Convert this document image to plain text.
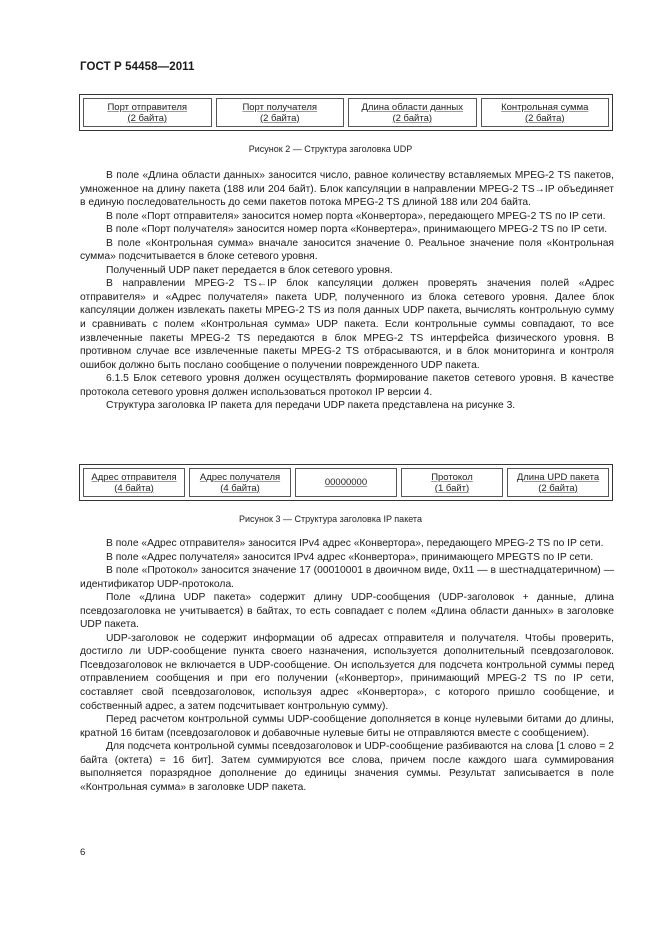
ГОСТ Р 54458—2011
Порт отправителя
(2 байта)
Порт получателя
(2 байта)
Длина области данных
(2 байта)
Контрольная сумма
(2 байта)
Рисунок 2 — Структура заголовка UDP

В поле «Длина области данных» заносится число, равное количеству вставляемых MPEG-2 TS пакетов, умноженное на длину пакета (188 или 204 байт). Блок капсуляции в направлении MPEG-2 TS→IP объединяет в единую последовательность до семи пакетов потока MPEG-2 TS длиной 188 или 204 байта.

В поле «Порт отправителя» заносится номер порта «Конвертора», передающего MPEG-2 TS по IP сети.

В поле «Порт получателя» заносится номер порта «Конвертера», принимающего MPEG-2 TS по IP сети.

В поле «Контрольная сумма» вначале заносится значение 0. Реальное значение поля «Контрольная сумма» подсчитывается в блоке сетевого уровня.

Полученный UDP пакет передается в блок сетевого уровня.

В направлении MPEG-2 TS←IP блок капсуляции должен проверять значения полей «Адрес отправителя» и «Адрес получателя» пакета UDP, полученного из блока сетевого уровня. Далее блок капсуляции должен извлекать пакеты MPEG-2 TS из поля данных UDP пакета, вычислять контрольную сумму и сравнивать с полем «Контрольная сумма» UDP пакета. Если контрольные суммы совпадают, то все извлеченные пакеты MPEG-2 TS передаются в блок MPEG-2 TS интерфейса физического уровня. В противном случае все извлеченные пакеты MPEG-2 TS отбрасываются, и в блок мониторинга и контроля ошибок должно быть послано сообщение о получении поврежденного UDP пакета.

6.1.5 Блок сетевого уровня должен осуществлять формирование пакетов сетевого уровня. В качестве протокола сетевого уровня должен использоваться протокол IP версии 4.

Структура заголовка IP пакета для передачи UDP пакета представлена на рисунке 3.

Адрес отправителя
(4 байта)
Адрес получателя
(4 байта)	00000000	Протокол
(1 байт)
Длина UPD пакета
(2 байта)
Рисунок 3 — Структура заголовка IP пакета

В поле «Адрес отправителя» заносится IPv4 адрес «Конвертора», передающего MPEG-2 TS по IP сети.

В поле «Адрес получателя» заносится IPv4 адрес «Конвертора», принимающего MPEGTS по IP сети.

В поле «Протокол» заносится значение 17 (00010001 в двоичном виде, 0x11 — в шестнадцатеричном) — идентификатор UDP-протокола.

Поле «Длина UDP пакета» содержит длину UDP-сообщения (UDP-заголовок + данные, длина псевдозаголовка не учитывается) в байтах, то есть совпадает с полем «Длина области данных» в заголовке UDP пакета.

UDP-заголовок не содержит информации об адресах отправителя и получателя. Чтобы проверить, достигло ли UDP-сообщение пункта своего назначения, используется дополнительный псевдозаголовок. Псевдозаголовок не включается в UDP-сообщение. Он используется для подсчета контрольной суммы перед отправлением сообщения и при его получении («Конвертор», принимающий MPEG-2 TS по IP сети, составляет свой псевдозаголовок, используя адрес «Конвертора», с которого пришло сообщение, и собственный адрес, а затем подсчитывает контрольную сумму).

Перед расчетом контрольной суммы UDP-сообщение дополняется в конце нулевыми битами до длины, кратной 16 битам (псевдозаголовок и добавочные нулевые биты не отправляются вместе с сообщением).

Для подсчета контрольной суммы псевдозаголовок и UDP-сообщение разбиваются на слова [1 слово = 2 байта (октета) = 16 бит]. Затем суммируются все слова, причем после каждого шага суммирования выполняется поразрядное дополнение до единицы значения суммы. Результат записывается в поле «Контрольная сумма» в заголовке UDP пакета.

6
